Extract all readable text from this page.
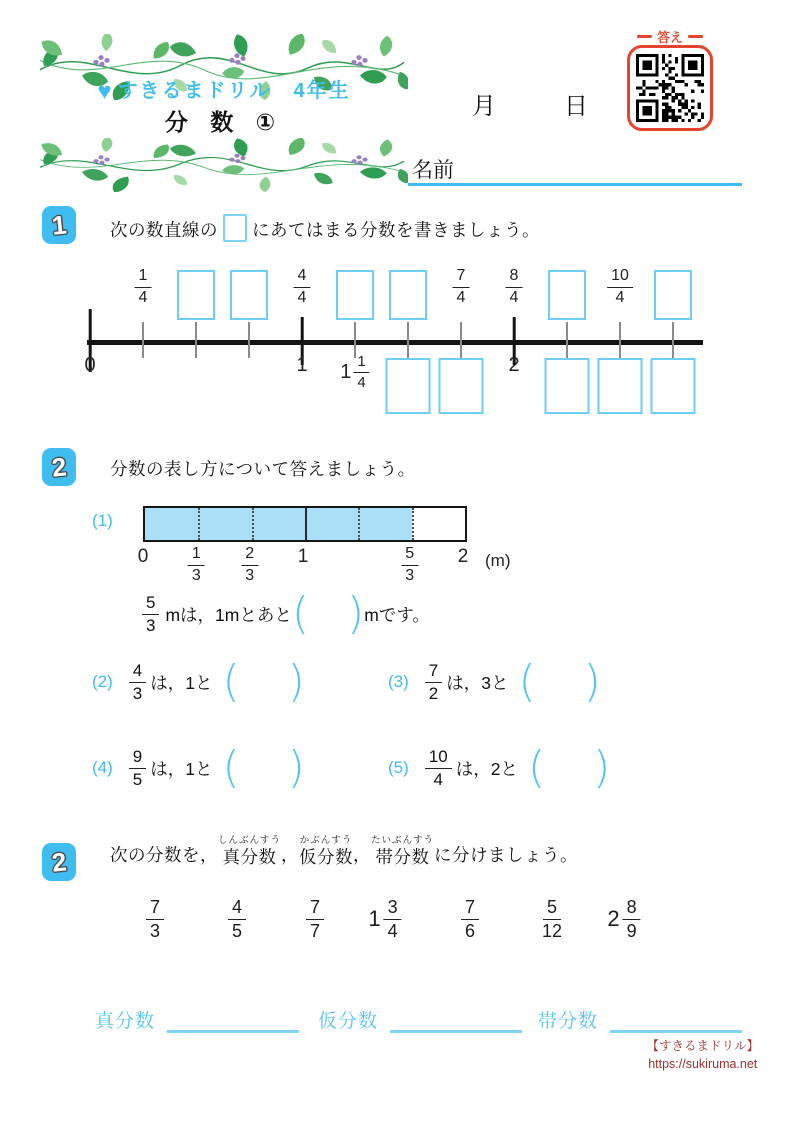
♥ すきるまドリル　4年生
分 数 ①
月	日
答え
名前
1 次の数直線の にあてはまる分数を書きましょう。
$\frac{1}{4}$	$\frac{4}{4}$	$\frac{7}{4} \frac{8}{4}$	$\frac{10}{4}$
0	1 $1 \frac{1}{4}$	2
2 分数の表し方について答えましょう。
(1)
$0 \frac{1}{3} \frac{2}{3} 1$	$\frac{5}{3} 2$ (m)
$\frac{5}{3}$ mは，1mとあと ( ) mです。
$(2) \frac{4}{3}$ は，1と ( )	$(3) \frac{7}{2}$ は，3と ( )
$(4) \frac{9}{5}$ は，1と ( )	$(5) \frac{10}{4}$ は，2と ( )
2 次の分数を，
しんぶんすう
真分数 ，
かぶんすう
仮分数 ，
たいぶんすう
帯分数 に分けましょう。
$\frac{7}{3}$	$\frac{4}{5}$	$\frac{7}{7} 1 \frac{3}{4}$	$\frac{7}{6}$	$\frac{5}{12} 2 \frac{8}{9}$
真分数	仮分数	帯分数
【すきるまドリル】
https://sukiruma.net
